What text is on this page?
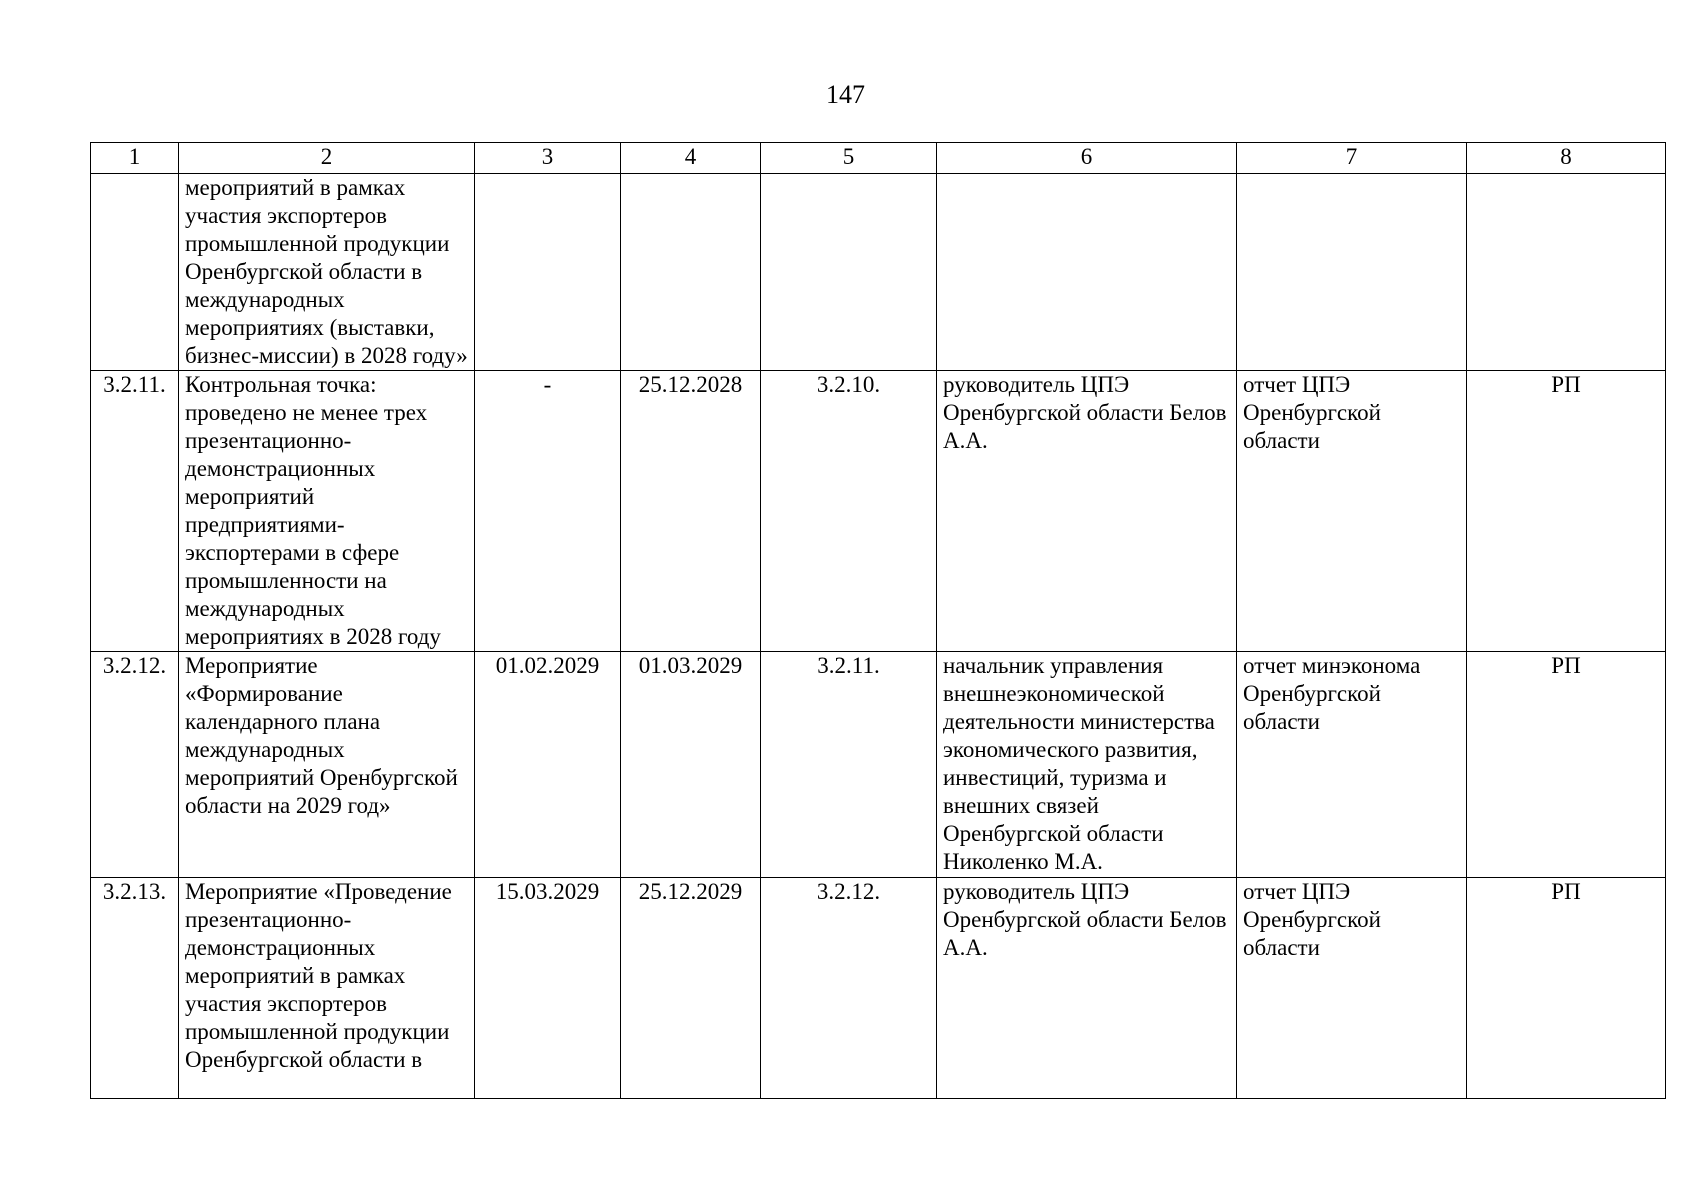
147
1	2	3	4	5	6	7	8
	мероприятий в рамках участия экспортеров промышленной продукции Оренбургской области в международных мероприятиях (выставки, бизнес-миссии) в 2028 году»						
3.2.11.	Контрольная точка: проведено не менее трех презентационно-демонстрационных мероприятий предприятиями-экспортерами в сфере промышленности на международных мероприятиях в 2028 году	-	25.12.2028	3.2.10.	руководитель ЦПЭ Оренбургской области Белов А.А.	отчет ЦПЭ Оренбургской области	РП
3.2.12.	Мероприятие «Формирование календарного плана международных мероприятий Оренбургской области на 2029 год»	01.02.2029	01.03.2029	3.2.11.	начальник управления внешнеэкономической деятельности министерства экономического развития, инвестиций, туризма и внешних связей Оренбургской области Николенко М.А.	отчет минэконома Оренбургской области	РП
3.2.13.	Мероприятие «Проведение презентационно-демонстрационных мероприятий в рамках участия экспортеров промышленной продукции Оренбургской области в	15.03.2029	25.12.2029	3.2.12.	руководитель ЦПЭ Оренбургской области Белов А.А.	отчет ЦПЭ Оренбургской области	РП
